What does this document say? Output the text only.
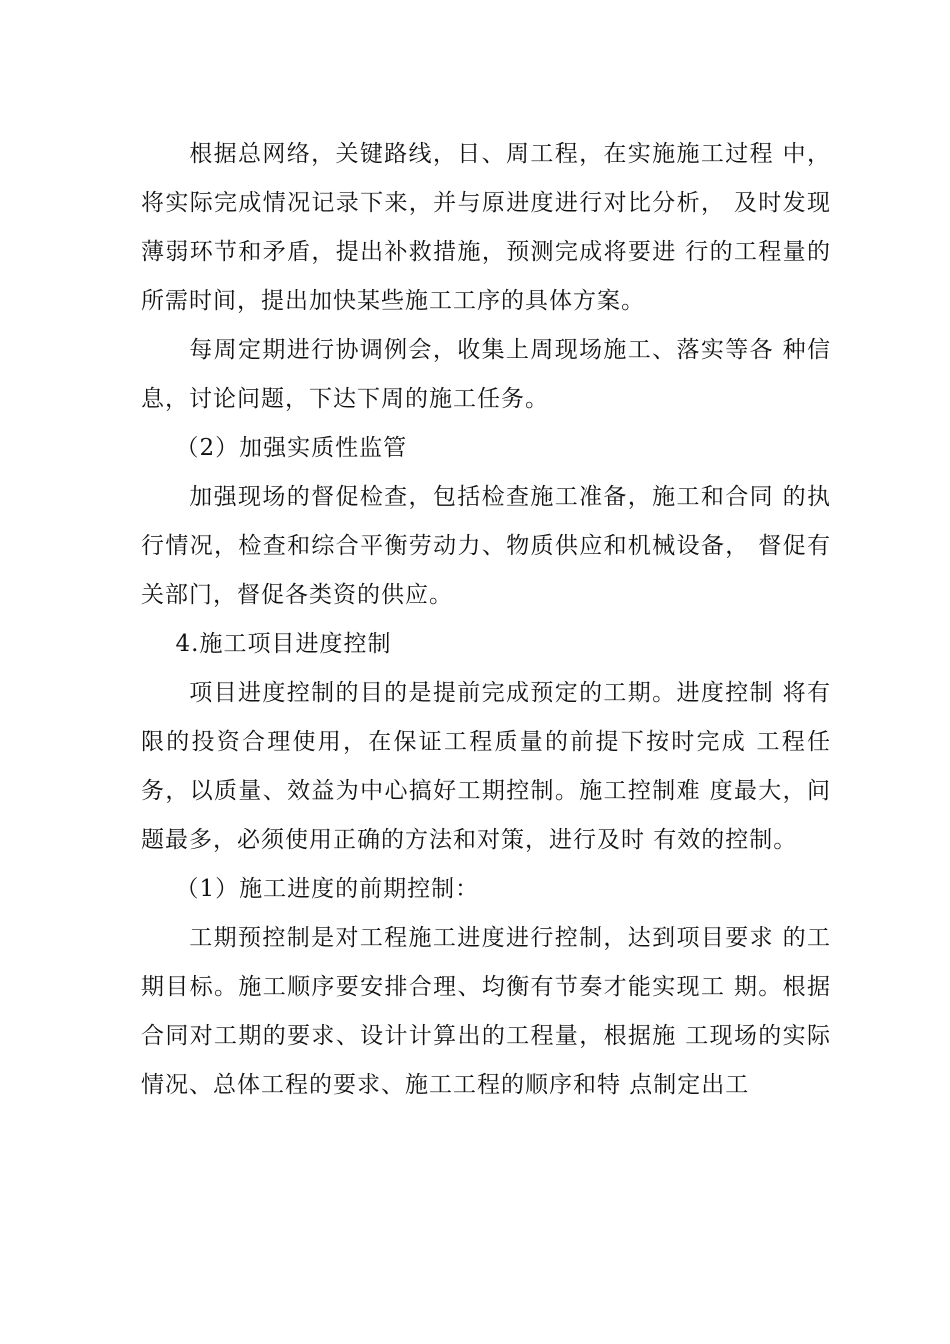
根据总网络，关键路线，日、周工程，在实施施工过程 中，将实际完成情况记录下来，并与原进度进行对比分析， 及时发现薄弱环节和矛盾，提出补救措施，预测完成将要进 行的工程量的所需时间，提出加快某些施工工序的具体方案。

每周定期进行协调例会，收集上周现场施工、落实等各 种信息，讨论问题，下达下周的施工任务。

（2）加强实质性监管

加强现场的督促检查，包括检查施工准备，施工和合同 的执行情况，检查和综合平衡劳动力、物质供应和机械设备， 督促有关部门，督促各类资的供应。

4.施工项目进度控制

项目进度控制的目的是提前完成预定的工期。进度控制 将有限的投资合理使用，在保证工程质量的前提下按时完成 工程任务，以质量、效益为中心搞好工期控制。施工控制难 度最大，问题最多，必须使用正确的方法和对策，进行及时 有效的控制。

（1）施工进度的前期控制：

工期预控制是对工程施工进度进行控制，达到项目要求 的工期目标。施工顺序要安排合理、均衡有节奏才能实现工 期。根据合同对工期的要求、设计计算出的工程量，根据施 工现场的实际情况、总体工程的要求、施工工程的顺序和特 点制定出工
